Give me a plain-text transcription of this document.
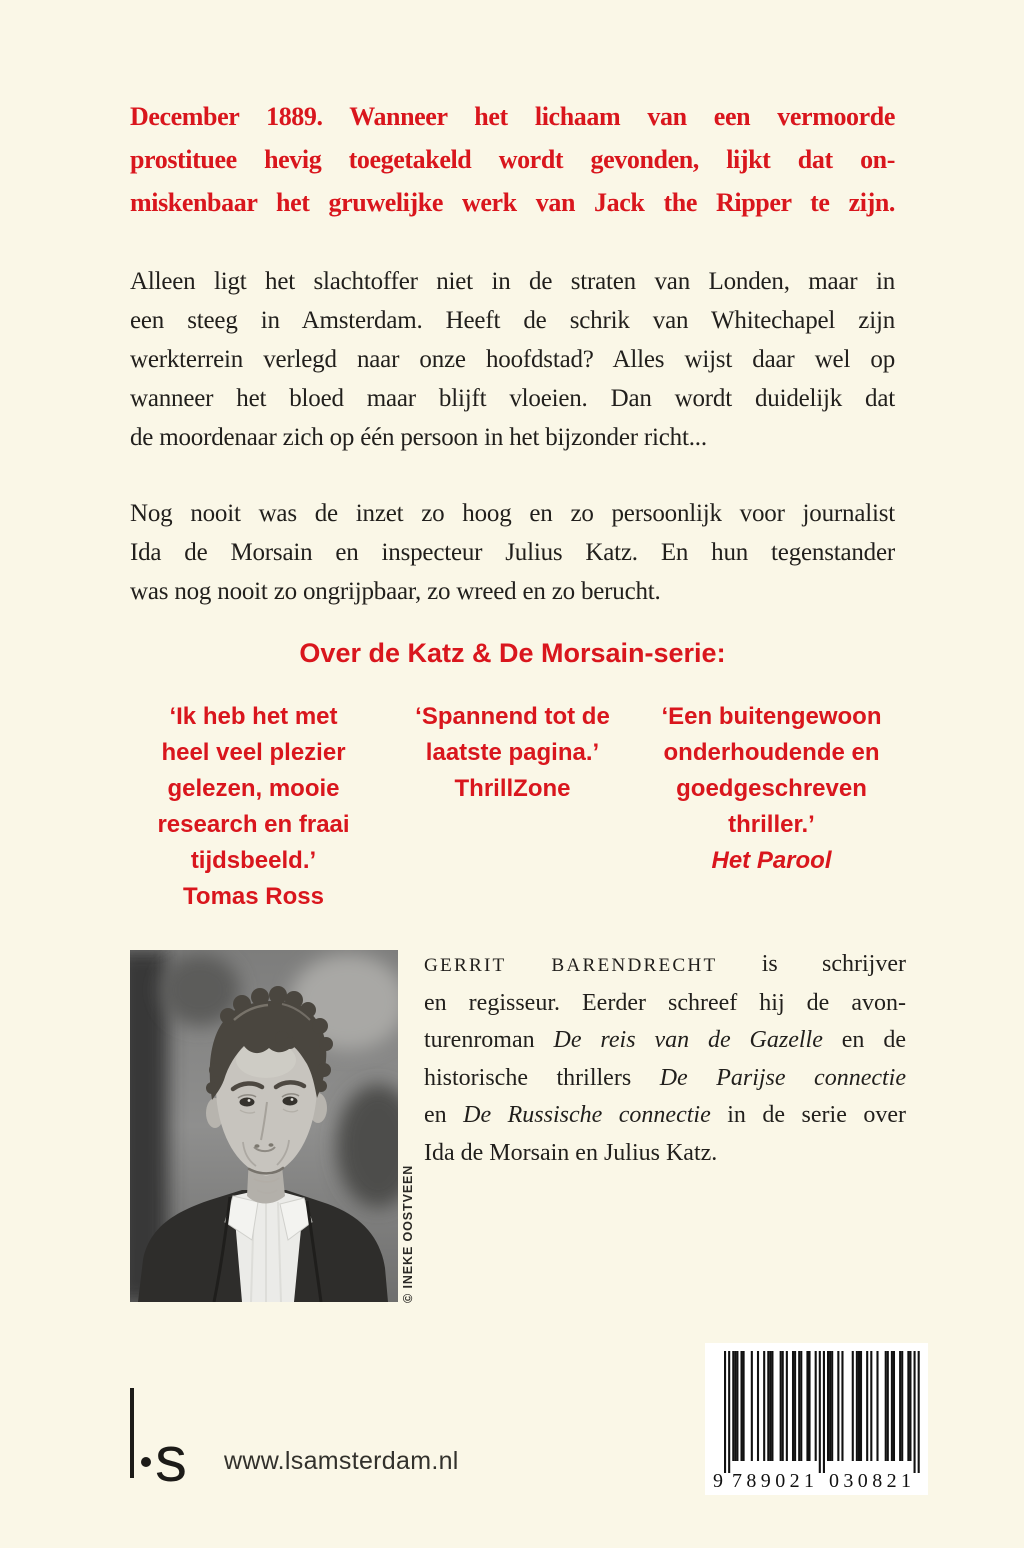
December 1889. Wanneer het lichaam van een vermoorde
prostituee hevig toegetakeld wordt gevonden, lijkt dat on-
miskenbaar het gruwelijke werk van Jack the Ripper te zijn.
Alleen ligt het slachtoffer niet in de straten van Londen, maar in
een steeg in Amsterdam. Heeft de schrik van Whitechapel zijn
werkterrein verlegd naar onze hoofdstad? Alles wijst daar wel op
wanneer het bloed maar blijft vloeien. Dan wordt duidelijk dat
de moordenaar zich op één persoon in het bijzonder richt...
Nog nooit was de inzet zo hoog en zo persoonlijk voor journalist
Ida de Morsain en inspecteur Julius Katz. En hun tegenstander
was nog nooit zo ongrijpbaar, zo wreed en zo berucht.
Over de Katz & De Morsain-serie:
‘Ik heb het met
heel veel plezier
gelezen, mooie
research en fraai
tijdsbeeld.’
Tomas Ross
‘Spannend tot de
laatste pagina.’
ThrillZone
‘Een buitengewoon
onderhoudende en
goedgeschreven
thriller.’
Het Parool
© INEKE OOSTVEEN
GERRIT BARENDRECHT is schrijver
en regisseur. Eerder schreef hij de avon-
turenroman De reis van de Gazelle en de
historische thrillers De Parijse connectie
en De Russische connectie in de serie over
Ida de Morsain en Julius Katz.
s www.lsamsterdam.nl
9 789021 030821
